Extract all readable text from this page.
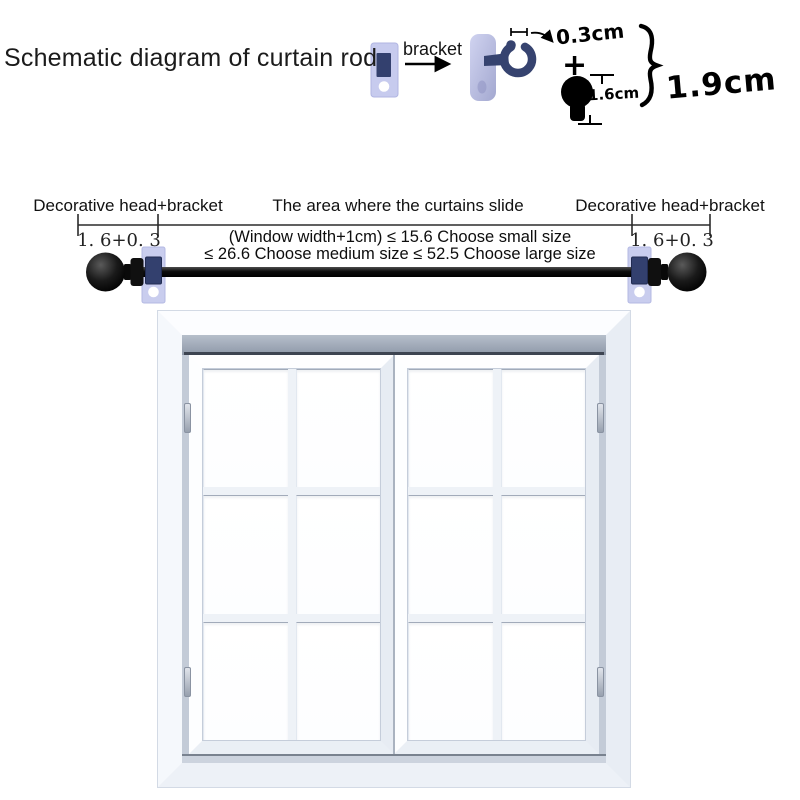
Schematic diagram of curtain rod bracket	0.3cm
+
1.6cm 1.9cm
Decorative head+bracket	The area where the curtains slide	Decorative head+bracket
1. 6+0. 3	1. 6+0. 3
(Window width+1cm) ≤ 15.6 Choose small size
≤ 26.6 Choose medium size ≤ 52.5 Choose large size
